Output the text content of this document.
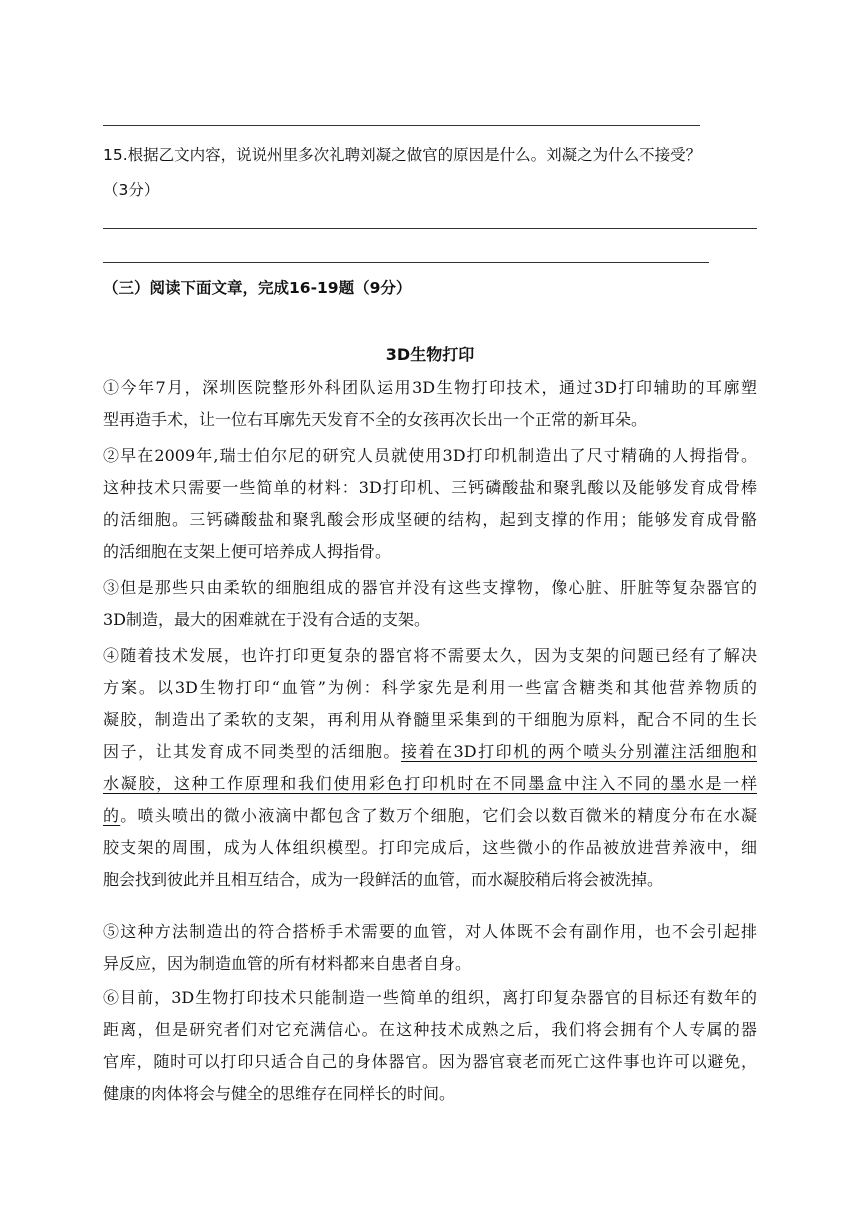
15.根据乙文内容，说说州里多次礼聘刘凝之做官的原因是什么。刘凝之为什么不接受？
（3分）
（三）阅读下面文章，完成16-19题（9分）
3D生物打印
①今年7月，深圳医院整形外科团队运用3D生物打印技术，通过3D打印辅助的耳廓塑
型再造手术，让一位右耳廓先天发育不全的女孩再次长出一个正常的新耳朵。
②早在2009年,瑞士伯尔尼的研究人员就使用3D打印机制造出了尺寸精确的人拇指骨。
这种技术只需要一些简单的材料：3D打印机、三钙磷酸盐和聚乳酸以及能够发育成骨棒
的活细胞。三钙磷酸盐和聚乳酸会形成坚硬的结构，起到支撑的作用；能够发育成骨骼
的活细胞在支架上便可培养成人拇指骨。
③但是那些只由柔软的细胞组成的器官并没有这些支撑物，像心脏、肝脏等复杂器官的
3D制造，最大的困难就在于没有合适的支架。
④随着技术发展，也许打印更复杂的器官将不需要太久，因为支架的问题已经有了解决
方案。以3D生物打印“血管”为例：科学家先是利用一些富含糖类和其他营养物质的
凝胶，制造出了柔软的支架，再利用从脊髓里采集到的干细胞为原料，配合不同的生长
因子，让其发育成不同类型的活细胞。接着在3D打印机的两个喷头分别灌注活细胞和
水凝胶，这种工作原理和我们使用彩色打印机时在不同墨盒中注入不同的墨水是一样
的。喷头喷出的微小液滴中都包含了数万个细胞，它们会以数百微米的精度分布在水凝
胶支架的周围，成为人体组织模型。打印完成后，这些微小的作品被放进营养液中，细
胞会找到彼此并且相互结合，成为一段鲜活的血管，而水凝胶稍后将会被洗掉。
⑤这种方法制造出的符合搭桥手术需要的血管，对人体既不会有副作用，也不会引起排
异反应，因为制造血管的所有材料都来自患者自身。
⑥目前，3D生物打印技术只能制造一些简单的组织，离打印复杂器官的目标还有数年的
距离，但是研究者们对它充满信心。在这种技术成熟之后，我们将会拥有个人专属的器
官库，随时可以打印只适合自己的身体器官。因为器官衰老而死亡这件事也许可以避免，
健康的肉体将会与健全的思维存在同样长的时间。
